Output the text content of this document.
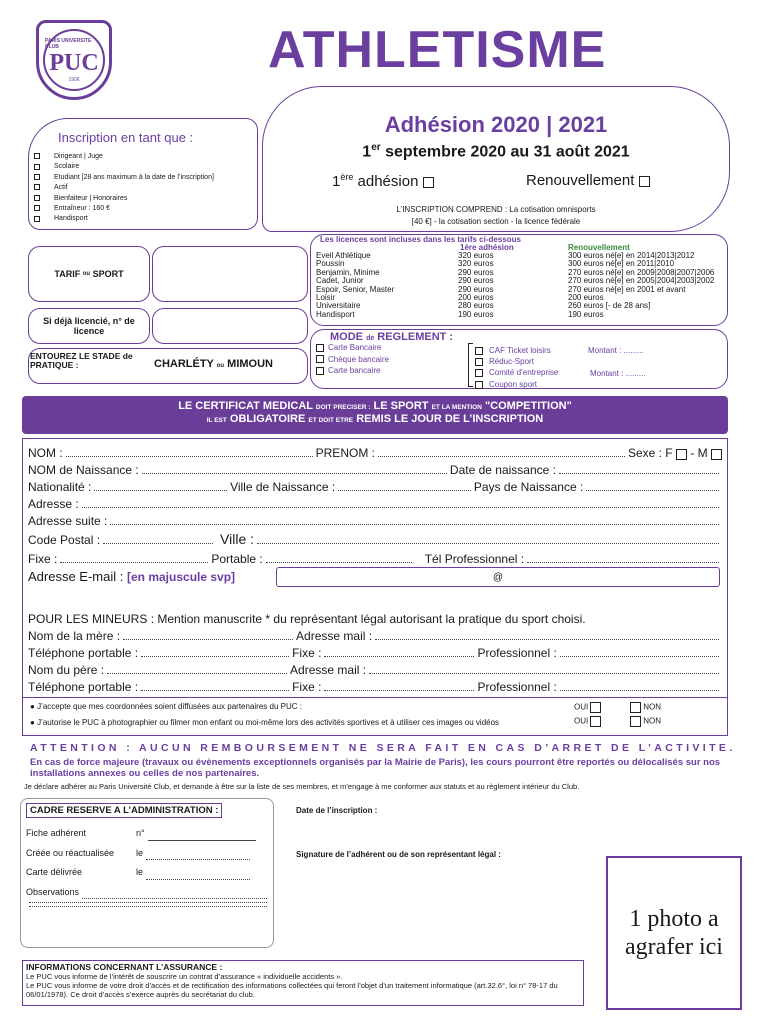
PARIS UNIVERSITE CLUB
PUC
1906
ATHLETISME
Adhésion 2020 | 2021
1er septembre 2020 au 31 août 2021
1ère adhésion	Renouvellement
L’INSCRIPTION COMPREND : La cotisation omnisports
[40 €] - la cotisation section - la licence fédérale
Inscription en tant que :
Dirigeant | Juge
Scolaire
Etudiant [28 ans maximum à la date de l’inscription]
Actif
Bienfaiteur | Honoraires
Entraîneur : 160 €
Handisport
TARIF
ou
SPORT
Si déjà licencié, n° de licence
ENTOUREZ LE STADE de PRATIQUE :	CHARLÉTY ou MIMOUN
Les licences sont incluses dans les tarifs ci-dessous
1ère adhésion	Renouvellement
Eveil Athlétique	320 euros	300 euros né[e] en 2014|2013|2012
Poussin	320 euros	300 euros né[e] en 2011|2010
Benjamin, Minime	290 euros	270 euros né[e] en 2009|2008|2007|2006
Cadet, Junior	290 euros	270 euros né[e] en 2005|2004|2003|2002
Espoir, Senior, Master	290 euros	270 euros né[e] en 2001 et avant
Loisir	200 euros	200 euros
Universitaire	280 euros	260 euros [- de 28 ans]
Handisport	190 euros	190 euros
MODE de REGLEMENT :
Carte Bancaire
Chèque bancaire
Carte bancaire
CAF Ticket loisirs
Réduc-Sport
Comité d’entreprise
Coupon sport
Montant : .........
Montant : .........
LE CERTIFICAT MEDICAL DOIT PRECISER : LE SPORT ET LA MENTION "COMPETITION"
IL EST OBLIGATOIRE ET DOIT ETRE REMIS LE JOUR DE L’INSCRIPTION
NOM :	PRENOM :	Sexe : F

- M

NOM de Naissance :	Date de naissance :
Nationalité :	Ville de Naissance :	Pays de Naissance :
Adresse :
Adresse suite :
Code Postal :	Ville :
Fixe :	Portable :	Tél Professionnel :
Adresse E-mail : [en majuscule svp]	@
POUR LES MINEURS : Mention manuscrite * du représentant légal autorisant la pratique du sport choisi.
Nom de la mère :	Adresse mail :
Téléphone portable :	Fixe :	Professionnel :
Nom du père :	Adresse mail :
Téléphone portable :	Fixe :	Professionnel :
● J’accepte que mes coordonnées soient diffusées aux partenaires du PUC :
● J’autorise le PUC à photographier ou filmer mon enfant ou moi-même lors des activités sportives et à utiliser ces images ou vidéos
OUI	NON
OUI	NON
ATTENTION : AUCUN REMBOURSEMENT NE SERA FAIT EN CAS D’ARRET DE L’ACTIVITE.
En cas de force majeure (travaux ou évènements exceptionnels organisés par la Mairie de Paris), les cours pourront être reportés ou délocalisés sur nos installations annexes ou celles de nos partenaires.
Je déclare adhérer au Paris Université Club, et demande à être sur la liste de ses membres, et m’engage à me conformer aux statuts et au règlement intérieur du Club.
CADRE RESERVE A L’ADMINISTRATION :
Fiche adhérent	n°
Créée ou réactualisée	le
Carte délivrée	le
Observations
Date de l’inscription :
Signature de l’adhérent ou de son représentant légal :
1 photo a agrafer ici
INFORMATIONS CONCERNANT L’ASSURANCE :
Le PUC vous informe de l’intérêt de souscrire un contrat d’assurance « individuelle accidents ».
Le PUC vous informe de votre droit d’accès et de rectification des informations collectées qui feront l’objet d’un traitement informatique (art.32.6°, loi n° 78-17 du 06/01/1978). Ce droit d’accès s’exerce auprès du secrétariat du club.
